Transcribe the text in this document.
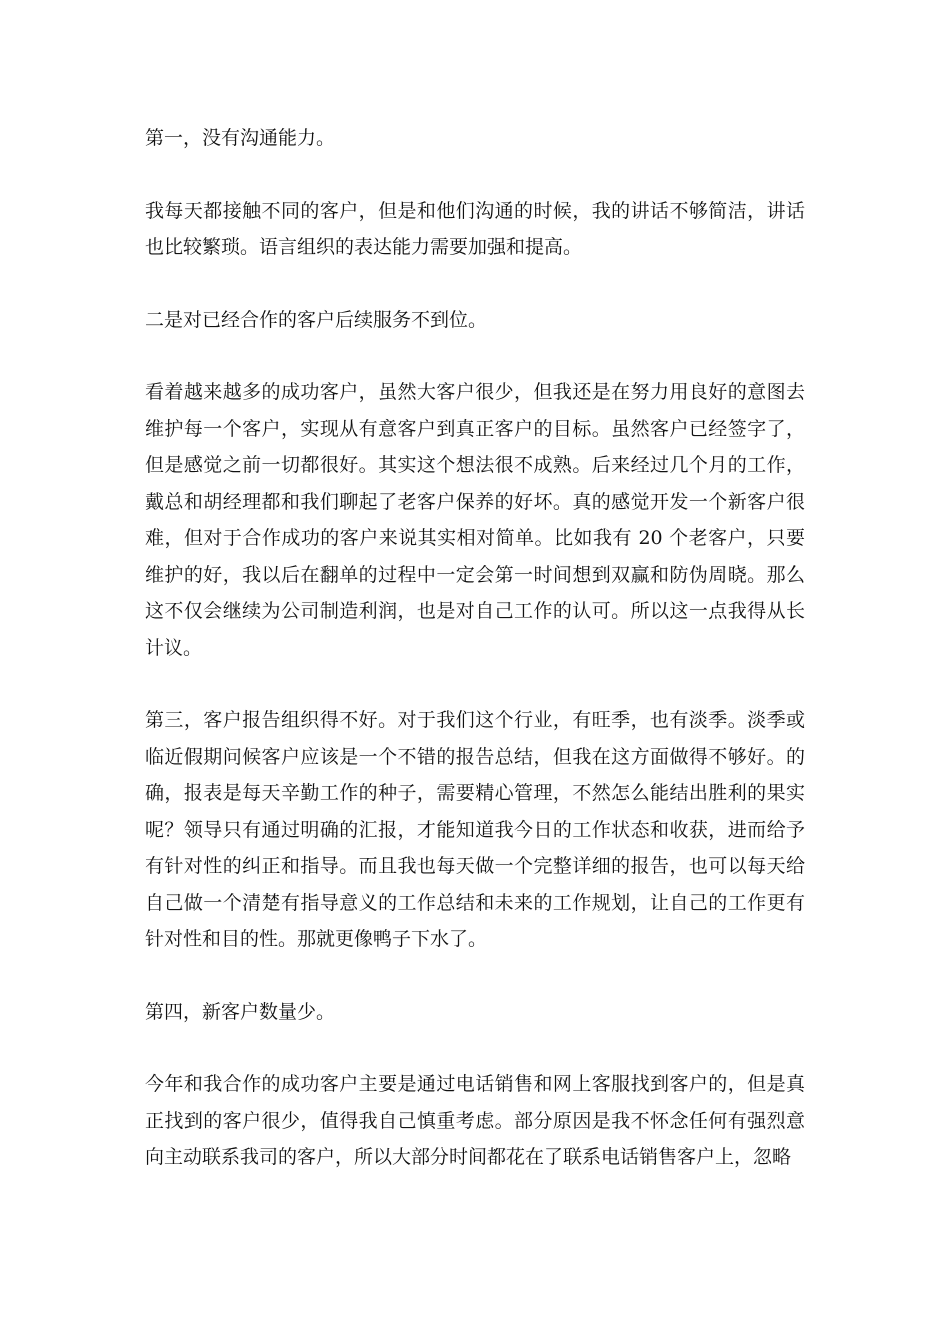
第一，没有沟通能力。

我每天都接触不同的客户，但是和他们沟通的时候，我的讲话不够简洁，讲话也比较繁琐。语言组织的表达能力需要加强和提高。

二是对已经合作的客户后续服务不到位。

看着越来越多的成功客户，虽然大客户很少，但我还是在努力用良好的意图去维护每一个客户，实现从有意客户到真正客户的目标。虽然客户已经签字了，但是感觉之前一切都很好。其实这个想法很不成熟。后来经过几个月的工作，戴总和胡经理都和我们聊起了老客户保养的好坏。真的感觉开发一个新客户很难，但对于合作成功的客户来说其实相对简单。比如我有 20 个老客户，只要维护的好，我以后在翻单的过程中一定会第一时间想到双赢和防伪周晓。那么这不仅会继续为公司制造利润，也是对自己工作的认可。所以这一点我得从长计议。

第三，客户报告组织得不好。对于我们这个行业，有旺季，也有淡季。淡季或临近假期问候客户应该是一个不错的报告总结，但我在这方面做得不够好。的确，报表是每天辛勤工作的种子，需要精心管理，不然怎么能结出胜利的果实呢？领导只有通过明确的汇报，才能知道我今日的工作状态和收获，进而给予有针对性的纠正和指导。而且我也每天做一个完整详细的报告，也可以每天给自己做一个清楚有指导意义的工作总结和未来的工作规划，让自己的工作更有针对性和目的性。那就更像鸭子下水了。

第四，新客户数量少。

今年和我合作的成功客户主要是通过电话销售和网上客服找到客户的，但是真正找到的客户很少，值得我自己慎重考虑。部分原因是我不怀念任何有强烈意向主动联系我司的客户，所以大部分时间都花在了联系电话销售客户上，忽略
